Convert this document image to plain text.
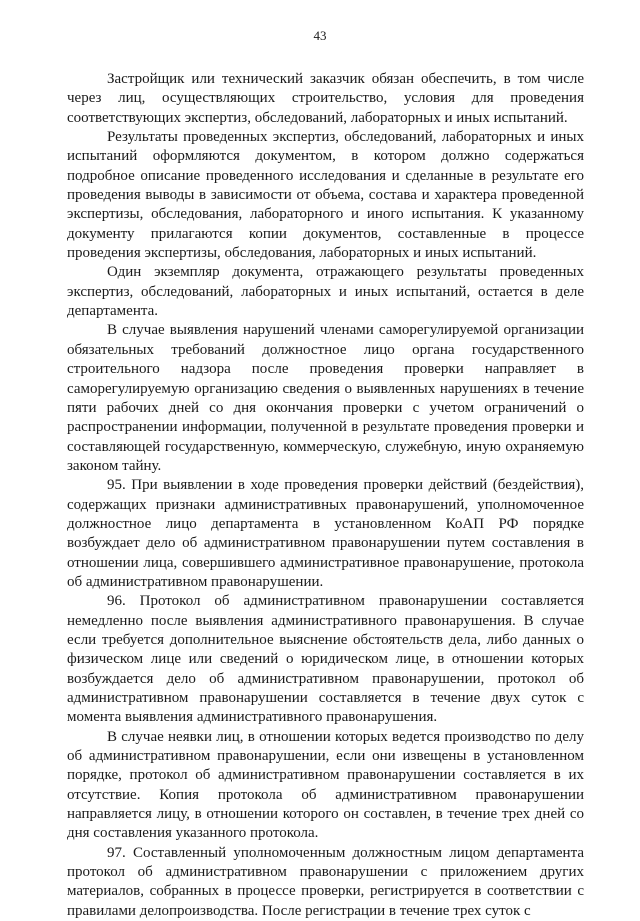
43

Застройщик или технический заказчик обязан обеспечить, в том числе через лиц, осуществляющих строительство, условия для проведения соответствующих экспертиз, обследований, лабораторных и иных испытаний.

Результаты проведенных экспертиз, обследований, лабораторных и иных испытаний оформляются документом, в котором должно содержаться подробное описание проведенного исследования и сделанные в результате его проведения выводы в зависимости от объема, состава и характера проведенной экспертизы, обследования, лабораторного и иного испытания. К указанному документу прилагаются копии документов, составленные в процессе проведения экспертизы, обследования, лабораторных и иных испытаний.

Один экземпляр документа, отражающего результаты проведенных экспертиз, обследований, лабораторных и иных испытаний, остается в деле департамента.

В случае выявления нарушений членами саморегулируемой организации обязательных требований должностное лицо органа государственного строительного надзора после проведения проверки направляет в саморегулируемую организацию сведения о выявленных нарушениях в течение пяти рабочих дней со дня окончания проверки с учетом ограничений о распространении информации, полученной в результате проведения проверки и составляющей государственную, коммерческую, служебную, иную охраняемую законом тайну.

95. При выявлении в ходе проведения проверки действий (бездействия), содержащих признаки административных правонарушений, уполномоченное должностное лицо департамента в установленном КоАП РФ порядке возбуждает дело об административном правонарушении путем составления в отношении лица, совершившего административное правонарушение, протокола об административном правонарушении.

96. Протокол об административном правонарушении составляется немедленно после выявления административного правонарушения. В случае если требуется дополнительное выяснение обстоятельств дела, либо данных о физическом лице или сведений о юридическом лице, в отношении которых возбуждается дело об административном правонарушении, протокол об административном правонарушении составляется в течение двух суток с момента выявления административного правонарушения.

В случае неявки лиц, в отношении которых ведется производство по делу об административном правонарушении, если они извещены в установленном порядке, протокол об административном правонарушении составляется в их отсутствие. Копия протокола об административном правонарушении направляется лицу, в отношении которого он составлен, в течение трех дней со дня составления указанного протокола.

97. Составленный уполномоченным должностным лицом департамента протокол об административном правонарушении с приложением других материалов, собранных в процессе проверки, регистрируется в соответствии с правилами делопроизводства. После регистрации в течение трех суток с
